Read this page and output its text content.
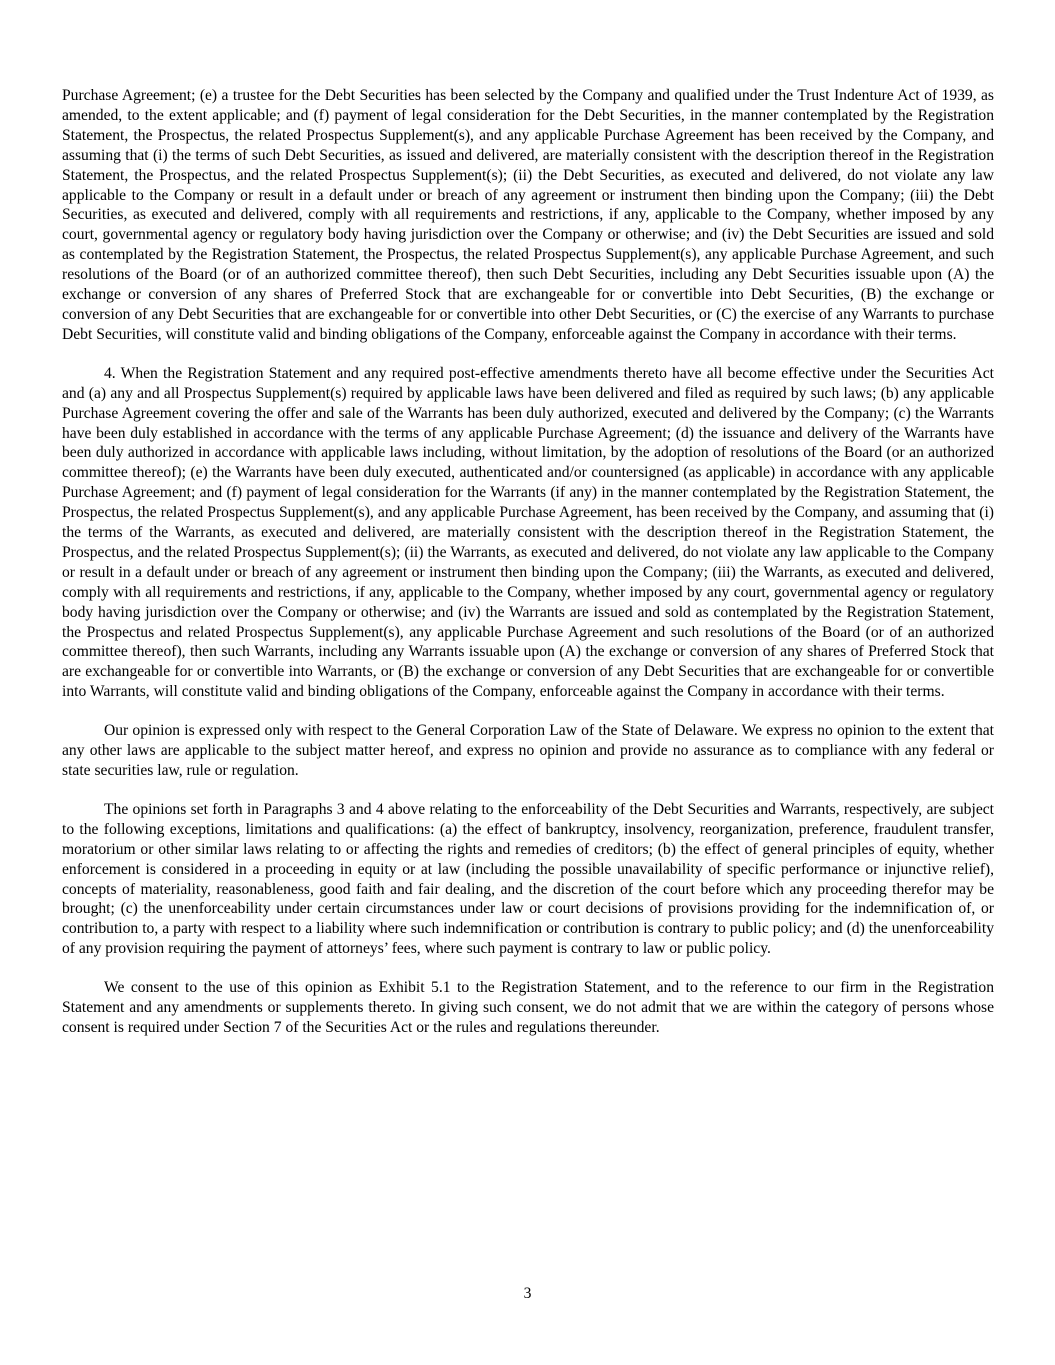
Purchase Agreement; (e) a trustee for the Debt Securities has been selected by the Company and qualified under the Trust Indenture Act of 1939, as amended, to the extent applicable; and (f) payment of legal consideration for the Debt Securities, in the manner contemplated by the Registration Statement, the Prospectus, the related Prospectus Supplement(s), and any applicable Purchase Agreement has been received by the Company, and assuming that (i) the terms of such Debt Securities, as issued and delivered, are materially consistent with the description thereof in the Registration Statement, the Prospectus, and the related Prospectus Supplement(s); (ii) the Debt Securities, as executed and delivered, do not violate any law applicable to the Company or result in a default under or breach of any agreement or instrument then binding upon the Company; (iii) the Debt Securities, as executed and delivered, comply with all requirements and restrictions, if any, applicable to the Company, whether imposed by any court, governmental agency or regulatory body having jurisdiction over the Company or otherwise; and (iv) the Debt Securities are issued and sold as contemplated by the Registration Statement, the Prospectus, the related Prospectus Supplement(s), any applicable Purchase Agreement, and such resolutions of the Board (or of an authorized committee thereof), then such Debt Securities, including any Debt Securities issuable upon (A) the exchange or conversion of any shares of Preferred Stock that are exchangeable for or convertible into Debt Securities, (B) the exchange or conversion of any Debt Securities that are exchangeable for or convertible into other Debt Securities, or (C) the exercise of any Warrants to purchase Debt Securities, will constitute valid and binding obligations of the Company, enforceable against the Company in accordance with their terms.

4. When the Registration Statement and any required post-effective amendments thereto have all become effective under the Securities Act and (a) any and all Prospectus Supplement(s) required by applicable laws have been delivered and filed as required by such laws; (b) any applicable Purchase Agreement covering the offer and sale of the Warrants has been duly authorized, executed and delivered by the Company; (c) the Warrants have been duly established in accordance with the terms of any applicable Purchase Agreement; (d) the issuance and delivery of the Warrants have been duly authorized in accordance with applicable laws including, without limitation, by the adoption of resolutions of the Board (or an authorized committee thereof); (e) the Warrants have been duly executed, authenticated and/or countersigned (as applicable) in accordance with any applicable Purchase Agreement; and (f) payment of legal consideration for the Warrants (if any) in the manner contemplated by the Registration Statement, the Prospectus, the related Prospectus Supplement(s), and any applicable Purchase Agreement, has been received by the Company, and assuming that (i) the terms of the Warrants, as executed and delivered, are materially consistent with the description thereof in the Registration Statement, the Prospectus, and the related Prospectus Supplement(s); (ii) the Warrants, as executed and delivered, do not violate any law applicable to the Company or result in a default under or breach of any agreement or instrument then binding upon the Company; (iii) the Warrants, as executed and delivered, comply with all requirements and restrictions, if any, applicable to the Company, whether imposed by any court, governmental agency or regulatory body having jurisdiction over the Company or otherwise; and (iv) the Warrants are issued and sold as contemplated by the Registration Statement, the Prospectus and related Prospectus Supplement(s), any applicable Purchase Agreement and such resolutions of the Board (or of an authorized committee thereof), then such Warrants, including any Warrants issuable upon (A) the exchange or conversion of any shares of Preferred Stock that are exchangeable for or convertible into Warrants, or (B) the exchange or conversion of any Debt Securities that are exchangeable for or convertible into Warrants, will constitute valid and binding obligations of the Company, enforceable against the Company in accordance with their terms.

Our opinion is expressed only with respect to the General Corporation Law of the State of Delaware. We express no opinion to the extent that any other laws are applicable to the subject matter hereof, and express no opinion and provide no assurance as to compliance with any federal or state securities law, rule or regulation.

The opinions set forth in Paragraphs 3 and 4 above relating to the enforceability of the Debt Securities and Warrants, respectively, are subject to the following exceptions, limitations and qualifications: (a) the effect of bankruptcy, insolvency, reorganization, preference, fraudulent transfer, moratorium or other similar laws relating to or affecting the rights and remedies of creditors; (b) the effect of general principles of equity, whether enforcement is considered in a proceeding in equity or at law (including the possible unavailability of specific performance or injunctive relief), concepts of materiality, reasonableness, good faith and fair dealing, and the discretion of the court before which any proceeding therefor may be brought; (c) the unenforceability under certain circumstances under law or court decisions of provisions providing for the indemnification of, or contribution to, a party with respect to a liability where such indemnification or contribution is contrary to public policy; and (d) the unenforceability of any provision requiring the payment of attorneys’ fees, where such payment is contrary to law or public policy.

We consent to the use of this opinion as Exhibit 5.1 to the Registration Statement, and to the reference to our firm in the Registration Statement and any amendments or supplements thereto. In giving such consent, we do not admit that we are within the category of persons whose consent is required under Section 7 of the Securities Act or the rules and regulations thereunder.

3
